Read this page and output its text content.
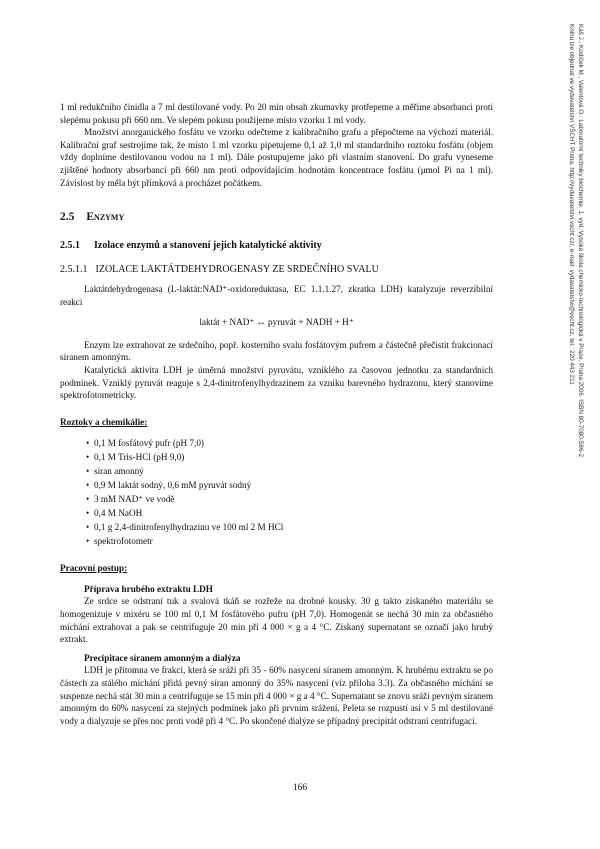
Káš J., Kodíček M., Valentová O.: Laboratorní techniky biochemie. 1. vyd. Vysoká škola chemicko-technologická v Praze, Praha 2006. ISBN 80-7080-586-2
Knihu lze objednat ve vydavatelství VŠCHT Praha, http://vydavatelstvi.vscht.cz/, e-mail: vydavatelstvi@vscht.cz, tel.: 220 443 211

1 ml redukčního činidla a 7 ml destilované vody. Po 20 min obsah zkumavky protřepeme a měříme absorbanci proti slepému pokusu při 660 nm. Ve slepém pokusu použijeme místo vzorku 1 ml vody.

Množství anorganického fosfátu ve vzorku odečteme z kalibračního grafu a přepočteme na výchozí materiál. Kalibrační graf sestrojíme tak, že místo 1 ml vzorku pipetujeme 0,1 až 1,0 ml standardního roztoku fosfátu (objem vždy doplníme destilovanou vodou na 1 ml). Dále postupujeme jako při vlastním stanovení. Do grafu vyneseme zjištěné hodnoty absorbancí při 660 nm proti odpovídajícím hodnotám koncentrace fosfátu (μmol Pi na 1 ml). Závislost by měla být přímková a procházet počátkem.

2.5 Enzymy
2.5.1 Izolace enzymů a stanovení jejich katalytické aktivity
2.5.1.1 IZOLACE LAKTÁTDEHYDROGENASY ZE SRDEČNÍHO SVALU

Laktátdehydrogenasa (L-laktát:NAD⁺-oxidoreduktasa, EC 1.1.1.27, zkratka LDH) katalyzuje reverzibilní reakci

laktát + NAD⁺ ↔ pyruvát + NADH + H⁺

Enzym lze extrahovat ze srdečního, popř. kosterního svalu fosfátovým pufrem a částečně přečistit frakcionací síranem amonným.

Katalytická aktivita LDH je úměrná množství pyruvátu, vzniklého za časovou jednotku za standardních podmínek. Vzniklý pyruvát reaguje s 2,4-dinitrofenylhydrazinem za vzniku barevného hydrazonu, který stanovíme spektrofotometricky.

Roztoky a chemikálie:
• 0,1 M fosfátový pufr (pH 7,0)
• 0,1 M Tris-HCl (pH 9,0)
• síran amonný
• 0,9 M laktát sodný, 0,6 mM pyruvát sodný
• 3 mM NAD⁺ ve vodě
• 0,4 M NaOH
• 0,1 g 2,4-dinitrofenylhydrazinu ve 100 ml 2 M HCl
• spektrofotometr
Pracovní postup:
Příprava hrubého extraktu LDH

Ze srdce se odstraní tuk a svalová tkáň se rozřeže na drobné kousky. 30 g takto získaného materiálu se homogenizuje v mixéru se 100 ml 0,1 M fosfátového pufru (pH 7,0). Homogenát se nechá 30 min za občasného míchání extrahovat a pak se centrifuguje 20 min při 4 000 × g a 4 °C. Získaný supernatant se označí jako hrubý extrakt.

Precipitace síranem amonným a dialýza

LDH je přítomna ve frakci, která se sráží při 35 - 60% nasycení síranem amonným. K hrubému extraktu se po částech za stálého míchání přidá pevný síran amonný do 35% nasycení (viz příloha 3.3). Za občasného míchání se suspenze nechá stát 30 min a centrifuguje se 15 min při 4 000 × g a 4 °C. Supernatant se znovu sráží pevným síranem amonným do 60% nasycení za stejných podmínek jako při prvním srážení. Peleta se rozpustí asi v 5 ml destilované vody a dialyzuje se přes noc proti vodě při 4 °C. Po skončené dialýze se případný precipitát odstraní centrifugací.

166
